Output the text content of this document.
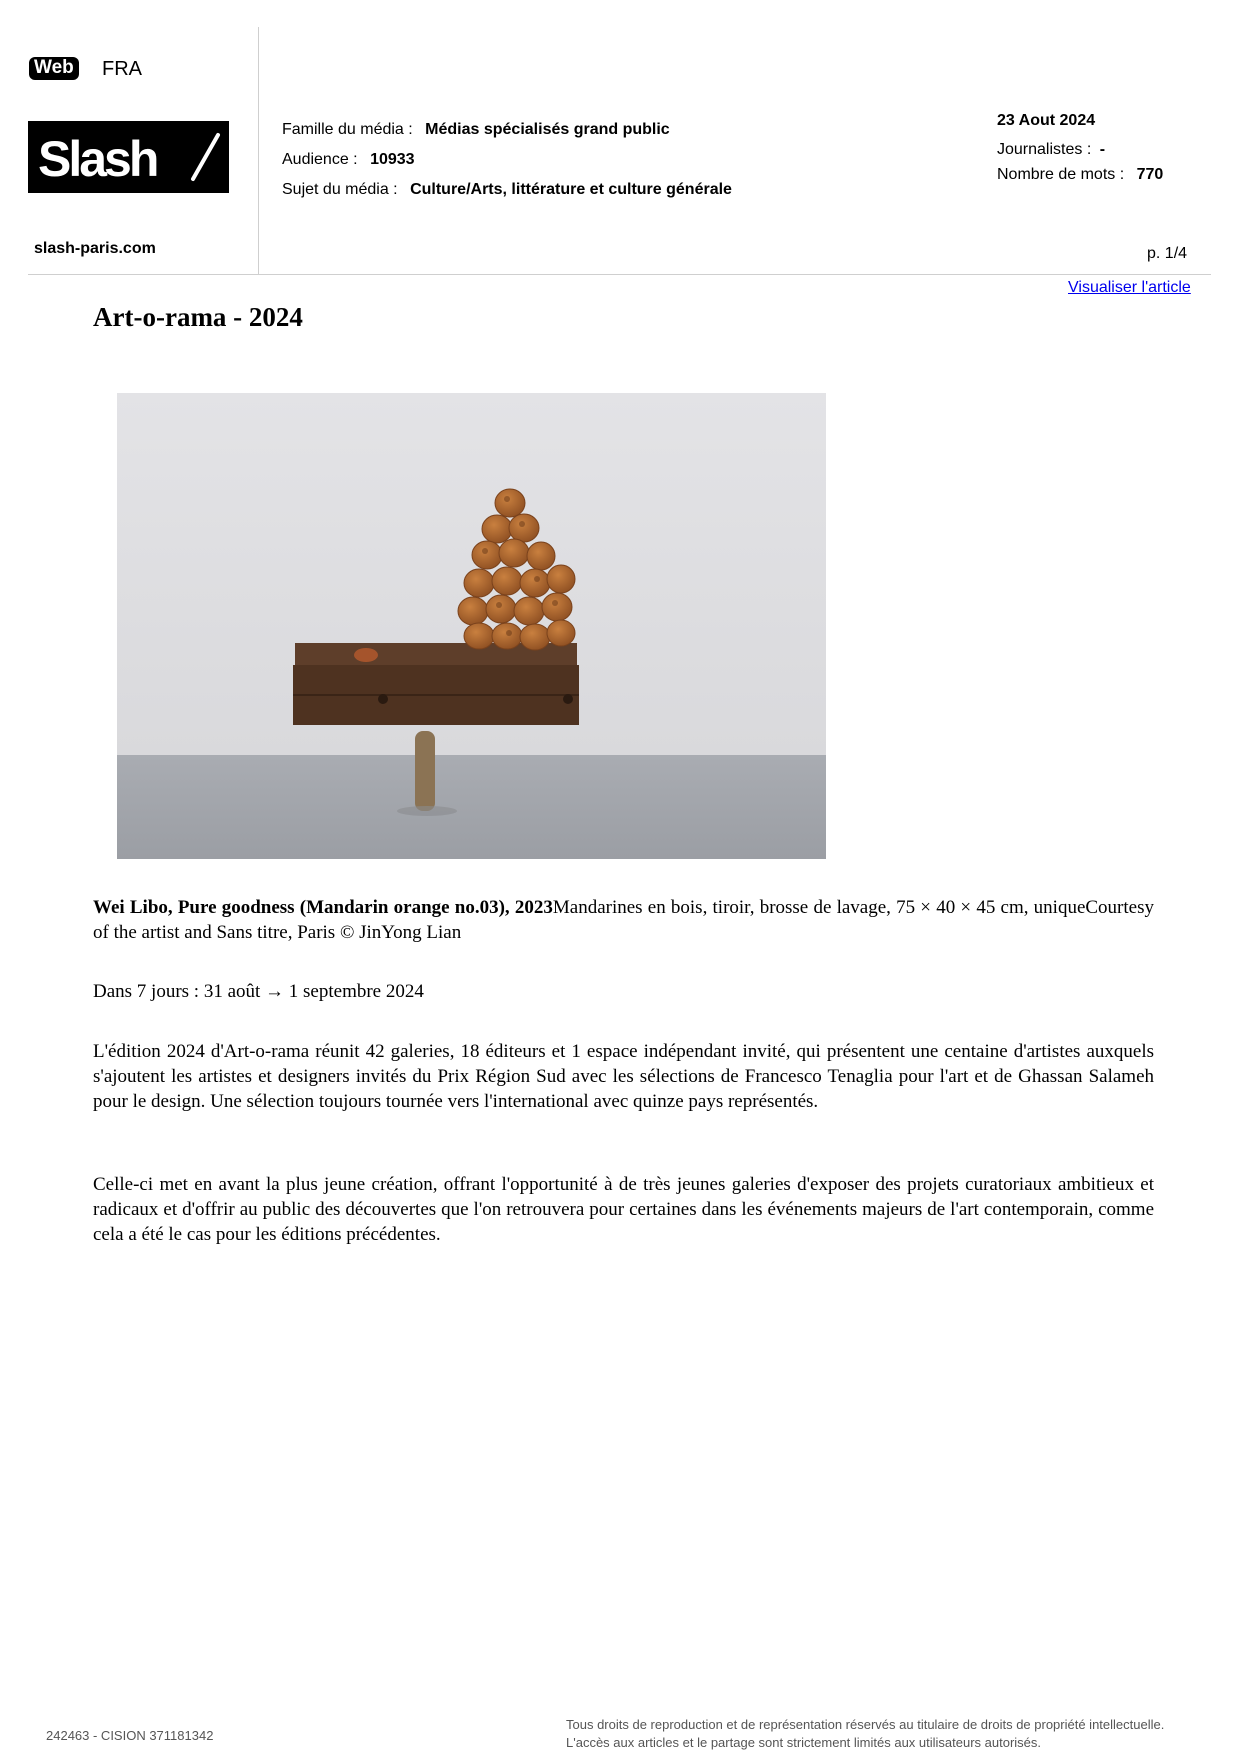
Web FRA
Slash
slash-paris.com
Famille du média : Médias spécialisés grand public
Audience : 10933
Sujet du média : Culture/Arts, littérature et culture générale
23 Aout 2024
Journalistes : -
Nombre de mots : 770
p. 1/4
Visualiser l'article
Art-o-rama - 2024
Wei Libo, Pure goodness (Mandarin orange no.03), 2023Mandarines en bois, tiroir, brosse de lavage, 75 × 40 × 45 cm, uniqueCourtesy of the artist and Sans titre, Paris © JinYong Lian
Dans 7 jours : 31 août → 1 septembre 2024
L'édition 2024 d'Art-o-rama réunit 42 galeries, 18 éditeurs et 1 espace indépendant invité, qui présentent une centaine d'artistes auxquels s'ajoutent les artistes et designers invités du Prix Région Sud avec les sélections de Francesco Tenaglia pour l'art et de Ghassan Salameh pour le design. Une sélection toujours tournée vers l'international avec quinze pays représentés.
Celle-ci met en avant la plus jeune création, offrant l'opportunité à de très jeunes galeries d'exposer des projets curatoriaux ambitieux et radicaux et d'offrir au public des découvertes que l'on retrouvera pour certaines dans les événements majeurs de l'art contemporain, comme cela a été le cas pour les éditions précédentes.
242463 - CISION 371181342
Tous droits de reproduction et de représentation réservés au titulaire de droits de propriété intellectuelle.
L'accès aux articles et le partage sont strictement limités aux utilisateurs autorisés.
